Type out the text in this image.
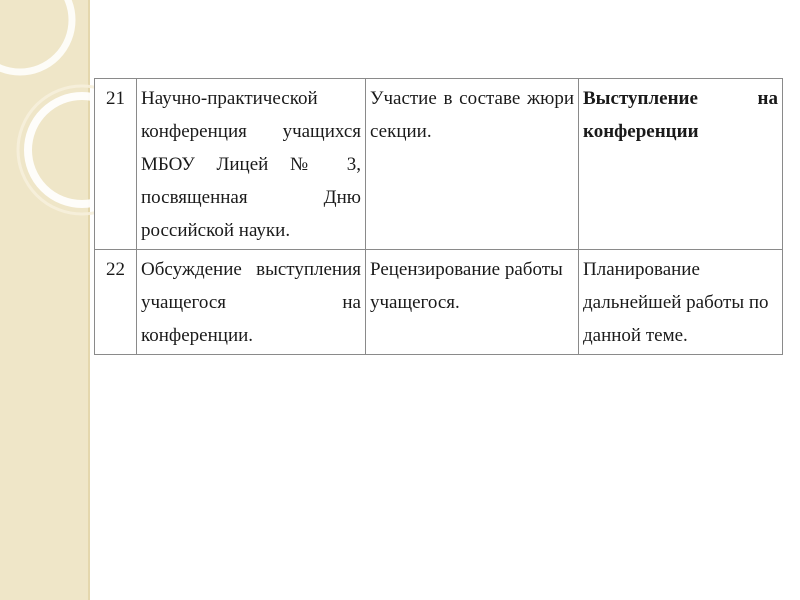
21	Научно-практической конференция учащихся МБОУ Лицей № 3, посвященная Дню российской науки.	Участие в составе жюри секции.	Выступление на конференции
22	Обсуждение выступления учащегося на конференции.	Рецензирование работы учащегося.	Планирование дальнейшей работы по данной теме.
